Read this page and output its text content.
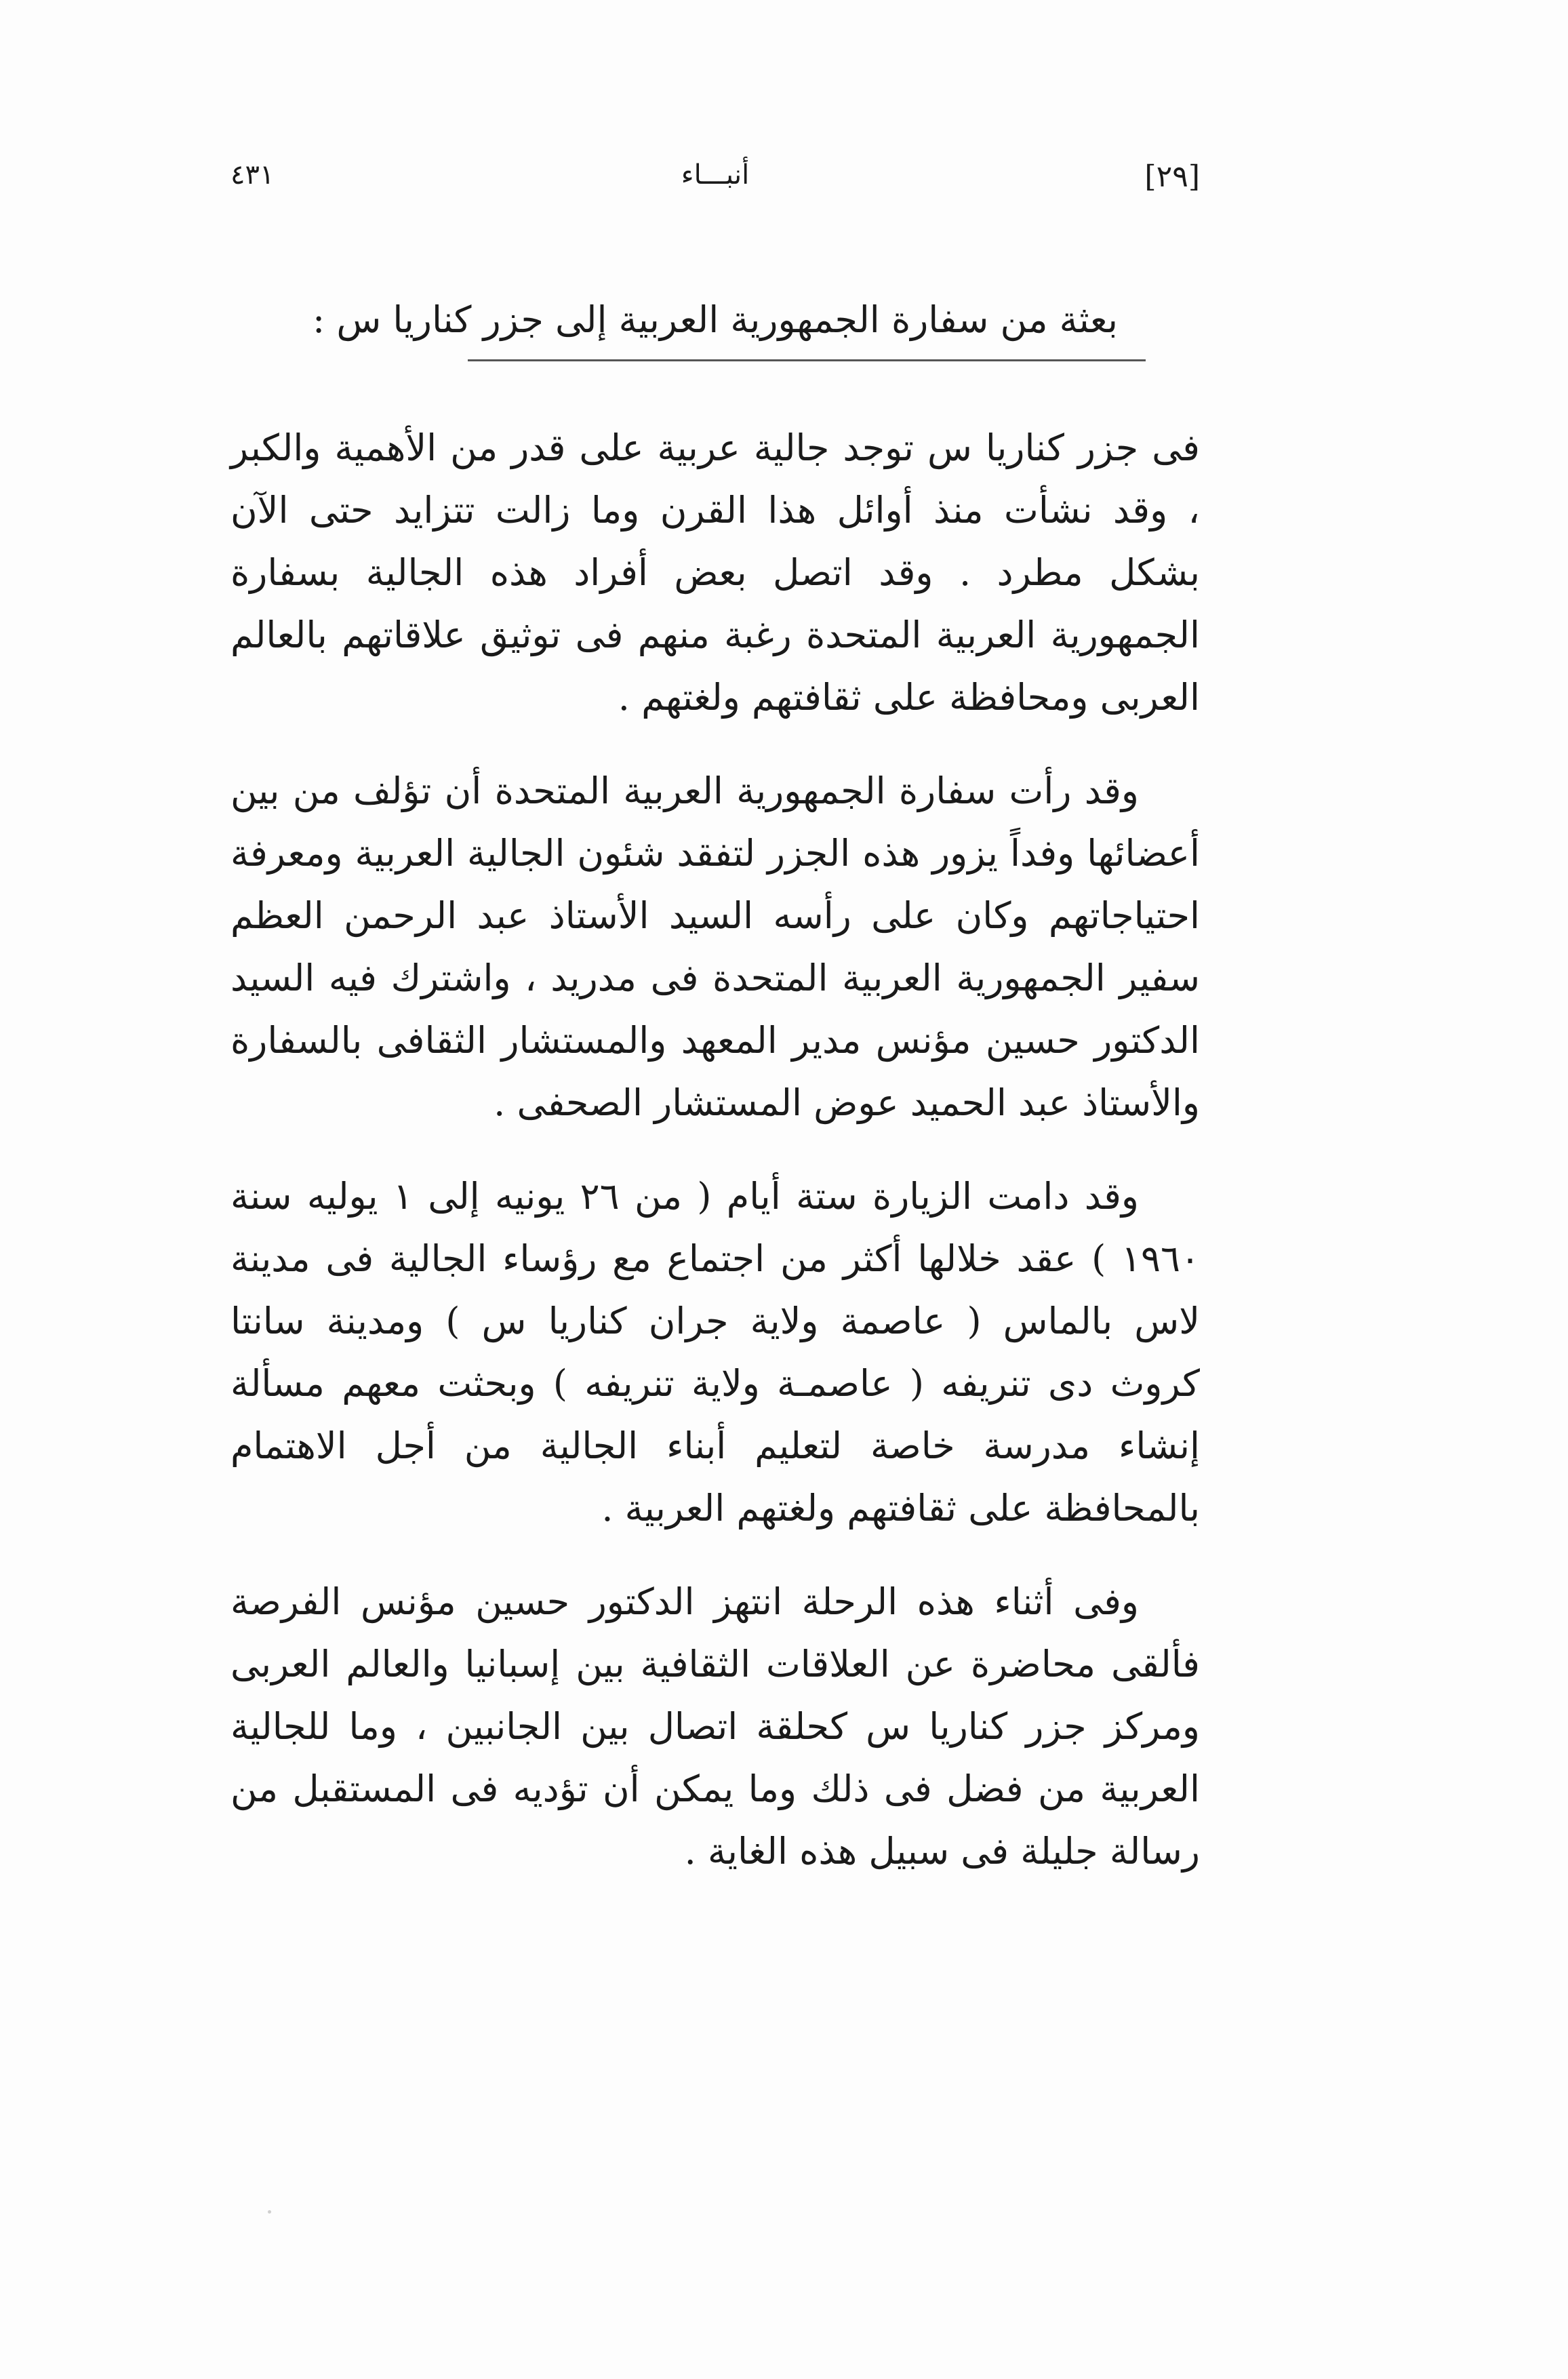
[٢٩]
أنبـــاء
٤٣١
بعثة من سفارة الجمهورية العربية إلى جزر كناريا س :

فى جزر كناريا س توجد جالية عربية على قدر من الأهمية والكبر ، وقد نشأت منذ أوائل هذا القرن وما زالت تتزايد حتى الآن بشكل مطرد . وقد اتصل بعض أفراد هذه الجالية بسفارة الجمهورية العربية المتحدة رغبة منهم فى توثيق علاقاتهم بالعالم العربى ومحافظة على ثقافتهم ولغتهم .

وقد رأت سفارة الجمهورية العربية المتحدة أن تؤلف من بين أعضائها وفداً يزور هذه الجزر لتفقد شئون الجالية العربية ومعرفة احتياجاتهم وكان على رأسه السيد الأستاذ عبد الرحمن العظم سفير الجمهورية العربية المتحدة فى مدريد ، واشترك فيه السيد الدكتور حسين مؤنس مدير المعهد والمستشار الثقافى بالسفارة والأستاذ عبد الحميد عوض المستشار الصحفى .

وقد دامت الزيارة ستة أيام ( من ٢٦ يونيه إلى ١ يوليه سنة ١٩٦٠ ) عقد خلالها أكثر من اجتماع مع رؤساء الجالية فى مدينة لاس بالماس ( عاصمة ولاية جران كناريا س ) ومدينة سانتا كروث دى تنريفه ( عاصمـة ولاية تنريفه ) وبحثت معهم مسألة إنشاء مدرسة خاصة لتعليم أبناء الجالية من أجل الاهتمام بالمحافظة على ثقافتهم ولغتهم العربية .

وفى أثناء هذه الرحلة انتهز الدكتور حسين مؤنس الفرصة فألقى محاضرة عن العلاقات الثقافية بين إسبانيا والعالم العربى ومركز جزر كناريا س كحلقة اتصال بين الجانبين ، وما للجالية العربية من فضل فى ذلك وما يمكن أن تؤديه فى المستقبل من رسالة جليلة فى سبيل هذه الغاية .
